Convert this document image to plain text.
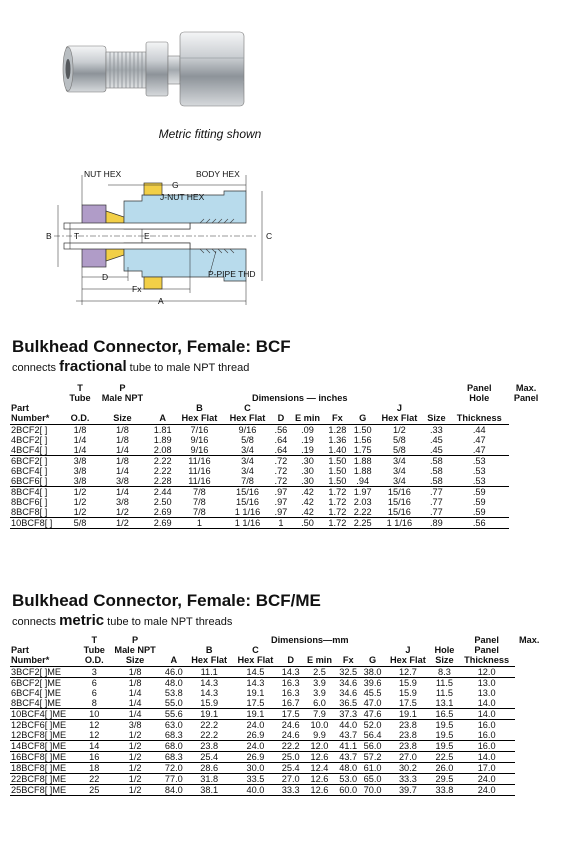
Metric fitting shown
NUT HEX	BODY HEX
G
J-NUT HEX
B	T	E	C
D	P-PIPE THD
Fx
A
Bulkhead Connector, Female: BCF
connects fractional tube to male NPT thread
	T	P										Panel	Max.
	Tube	Male NPT	Dimensions — inches									Hole	Panel
Part				B	C					J			
Number*	O.D.	Size	A	Hex Flat	Hex Flat	D	E min	Fx	G	Hex Flat	Size	Thickness	
2BCF2[ ]	1/8	1/8	1.81	7/16	9/16	.56	.09	1.28	1.50	1/2	.33	.44	
4BCF2[ ]	1/4	1/8	1.89	9/16	5/8	.64	.19	1.36	1.56	5/8	.45	.47	
4BCF4[ ]	1/4	1/4	2.08	9/16	3/4	.64	.19	1.40	1.75	5/8	.45	.47	
6BCF2[ ]	3/8	1/8	2.22	11/16	3/4	.72	.30	1.50	1.88	3/4	.58	.53	
6BCF4[ ]	3/8	1/4	2.22	11/16	3/4	.72	.30	1.50	1.88	3/4	.58	.53	
6BCF6[ ]	3/8	3/8	2.28	11/16	7/8	.72	.30	1.50	.94	3/4	.58	.53	
8BCF4[ ]	1/2	1/4	2.44	7/8	15/16	.97	.42	1.72	1.97	15/16	.77	.59	
8BCF6[ ]	1/2	3/8	2.50	7/8	15/16	.97	.42	1.72	2.03	15/16	.77	.59	
8BCF8[ ]	1/2	1/2	2.69	7/8	1 1/16	.97	.42	1.72	2.22	15/16	.77	.59	
10BCF8[ ]	5/8	1/2	2.69	1	1 1/16	1	.50	1.72	2.25	1 1/16	.89	.56	
Bulkhead Connector, Female: BCF/ME
connects metric tube to male NPT threads
	T	P	Dimensions—mm									Panel	Max.
Part	Tube	Male NPT		B	C					J	Hole	Panel	
Number*	O.D.	Size	A	Hex Flat	Hex Flat	D	E min	Fx	G	Hex Flat	Size	Thickness	
3BCF2[ ]ME	3	1/8	46.0	11.1	14.5	14.3	2.5	32.5	38.0	12.7	8.3	12.0	
6BCF2[ ]ME	6	1/8	48.0	14.3	14.3	16.3	3.9	34.6	39.6	15.9	11.5	13.0	
6BCF4[ ]ME	6	1/4	53.8	14.3	19.1	16.3	3.9	34.6	45.5	15.9	11.5	13.0	
8BCF4[ ]ME	8	1/4	55.0	15.9	17.5	16.7	6.0	36.5	47.0	17.5	13.1	14.0	
10BCF4[ ]ME	10	1/4	55.6	19.1	19.1	17.5	7.9	37.3	47.6	19.1	16.5	14.0	
12BCF6[ ]ME	12	3/8	63.0	22.2	24.0	24.6	10.0	44.0	52.0	23.8	19.5	16.0	
12BCF8[ ]ME	12	1/2	68.3	22.2	26.9	24.6	9.9	43.7	56.4	23.8	19.5	16.0	
14BCF8[ ]ME	14	1/2	68.0	23.8	24.0	22.2	12.0	41.1	56.0	23.8	19.5	16.0	
16BCF8[ ]ME	16	1/2	68.3	25.4	26.9	25.0	12.6	43.7	57.2	27.0	22.5	14.0	
18BCF8[ ]ME	18	1/2	72.0	28.6	30.0	25.4	12.4	48.0	61.0	30.2	26.0	17.0	
22BCF8[ ]ME	22	1/2	77.0	31.8	33.5	27.0	12.6	53.0	65.0	33.3	29.5	24.0	
25BCF8[ ]ME	25	1/2	84.0	38.1	40.0	33.3	12.6	60.0	70.0	39.7	33.8	24.0	
